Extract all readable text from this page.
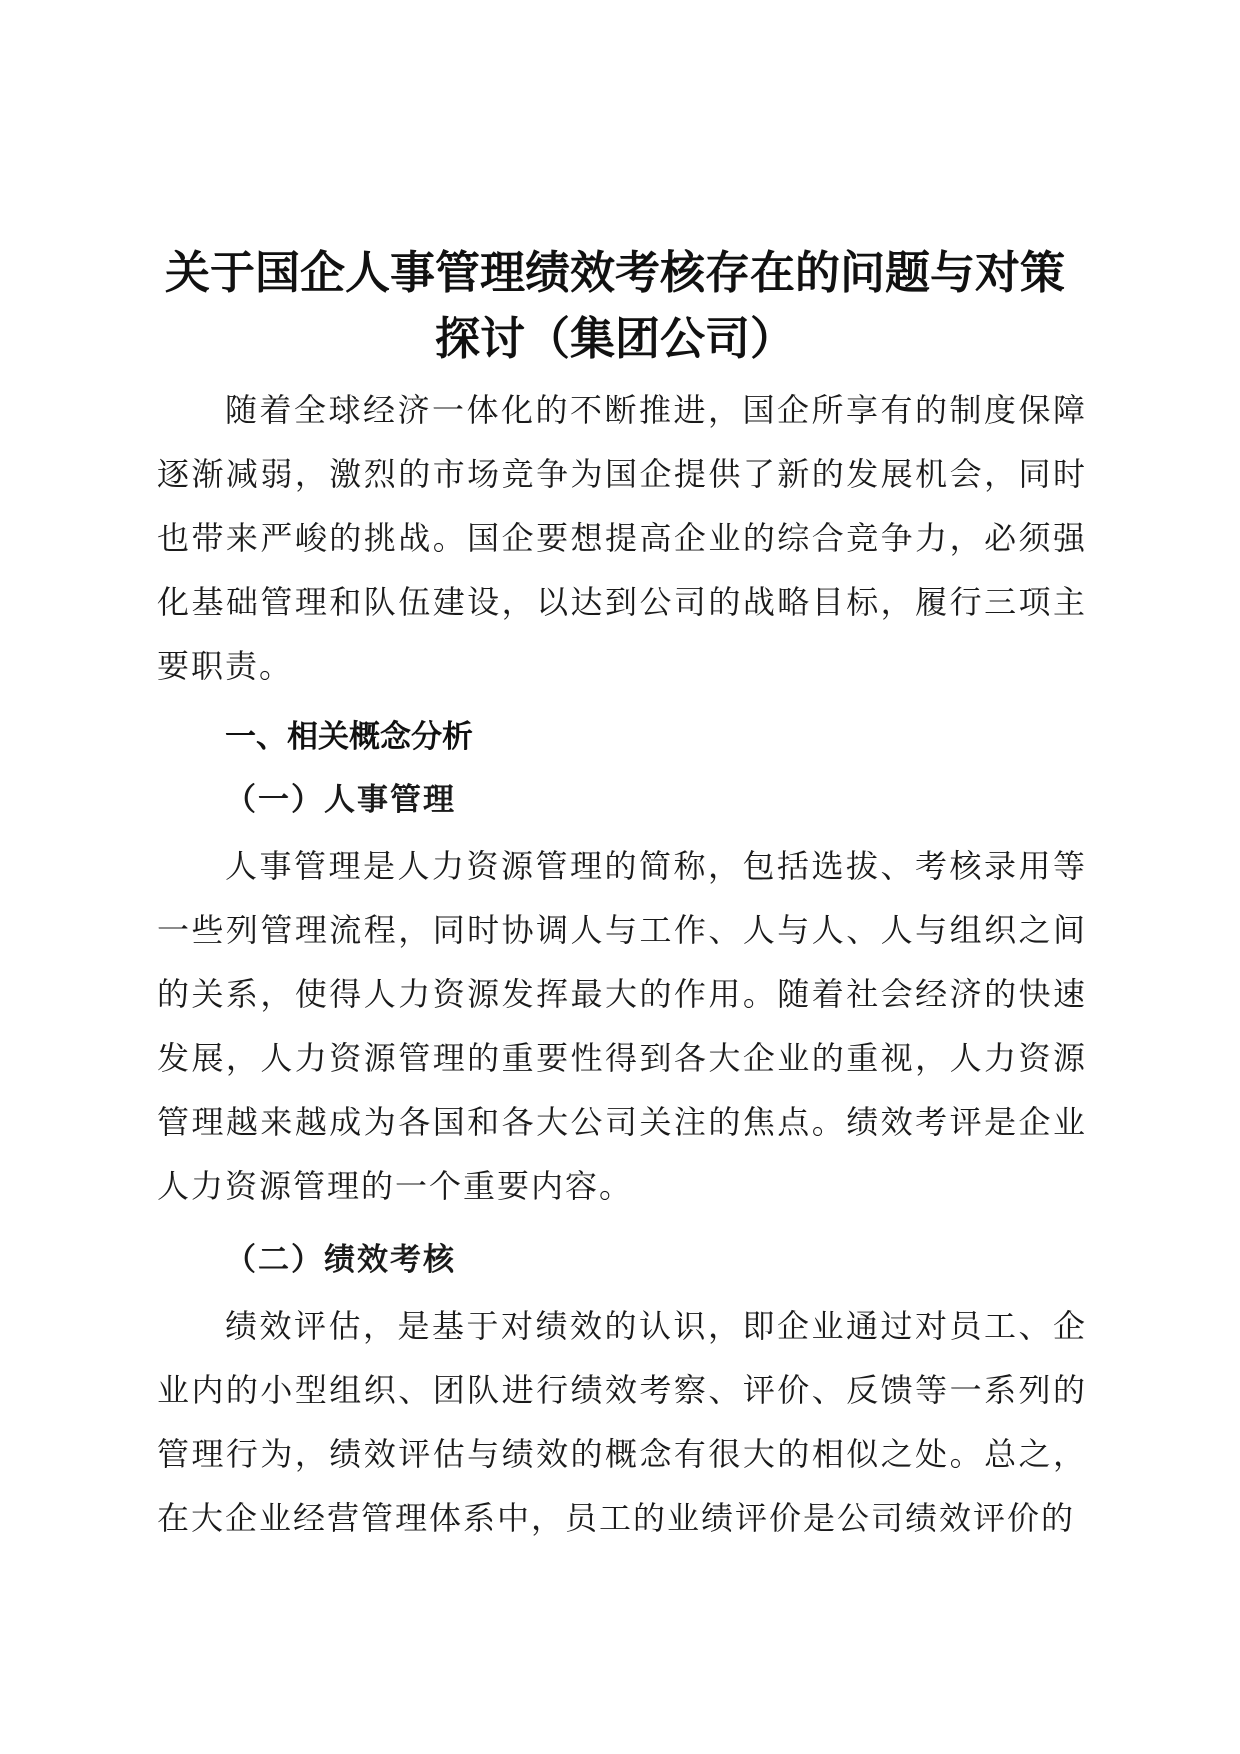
关于国企人事管理绩效考核存在的问题与对策
探讨（集团公司）

随着全球经济一体化的不断推进，国企所享有的制度保障逐渐减弱，激烈的市场竞争为国企提供了新的发展机会，同时也带来严峻的挑战。国企要想提高企业的综合竞争力，必须强化基础管理和队伍建设，以达到公司的战略目标，履行三项主要职责。

一、相关概念分析
（一）人事管理

人事管理是人力资源管理的简称，包括选拔、考核录用等一些列管理流程，同时协调人与工作、人与人、人与组织之间的关系，使得人力资源发挥最大的作用。随着社会经济的快速发展，人力资源管理的重要性得到各大企业的重视，人力资源管理越来越成为各国和各大公司关注的焦点。绩效考评是企业人力资源管理的一个重要内容。

（二）绩效考核

绩效评估，是基于对绩效的认识，即企业通过对员工、企业内的小型组织、团队进行绩效考察、评价、反馈等一系列的管理行为，绩效评估与绩效的概念有很大的相似之处。总之，在大企业经营管理体系中，员工的业绩评价是公司绩效评价的
